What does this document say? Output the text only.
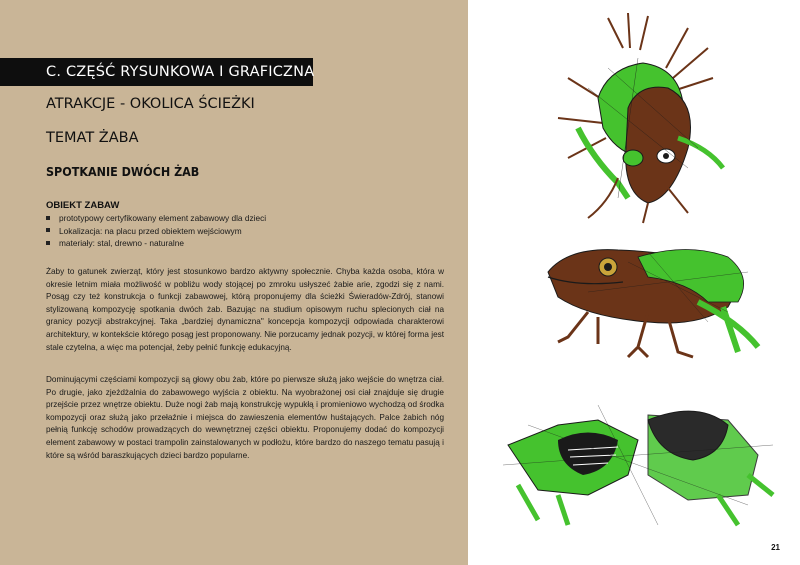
C. CZĘŚĆ RYSUNKOWA I GRAFICZNA
ATRAKCJE - OKOLICA ŚCIEŻKI
TEMAT ŻABA
SPOTKANIE DWÓCH ŻAB
OBIEKT ZABAW
prototypowy certyfikowany element zabawowy dla dzieci
Lokalizacja: na placu przed obiektem wejściowym
materiały: stal, drewno - naturalne

Żaby to gatunek zwierząt, który jest stosunkowo bardzo aktywny społecznie. Chyba każda osoba, która w okresie letnim miała możliwość w pobliżu wody stojącej po zmroku usłyszeć żabie arie, zgodzi się z nami. Posąg czy też konstrukcja o funkcji zabawowej, którą proponujemy dla ścieżki Świeradów-Zdrój, stanowi stylizowaną kompozycję spotkania dwóch żab. Bazując na studium opisowym ruchu splecionych ciał na granicy pozycji abstrakcyjnej. Taka „bardziej dynamiczna" koncepcja kompozycji odpowiada charakterowi architektury, w kontekście którego posąg jest proponowany. Nie porzucamy jednak pozycji, w której forma jest stale czytelna, a więc ma potencjał, żeby pełnić funkcję edukacyjną.

Dominującymi częściami kompozycji są głowy obu żab, które po pierwsze służą jako wejście do wnętrza ciał. Po drugie, jako zjeżdżalnia do zabawowego wyjścia z obiektu. Na wyobrażonej osi ciał znajduje się drugie przejście przez wnętrze obiektu. Duże nogi żab mają konstrukcję wypukłą i promieniowo wychodzą od środka kompozycji oraz służą jako przełaźnie i miejsca do zawieszenia elementów huśtających. Palce żabich nóg pełnią funkcję schodów prowadzących do wewnętrznej części obiektu. Proponujemy dodać do kompozycji element zabawowy w postaci trampolin zainstalowanych w podłożu, które bardzo do naszego tematu pasują i które są wśród baraszkujących dzieci bardzo popularne.

21
